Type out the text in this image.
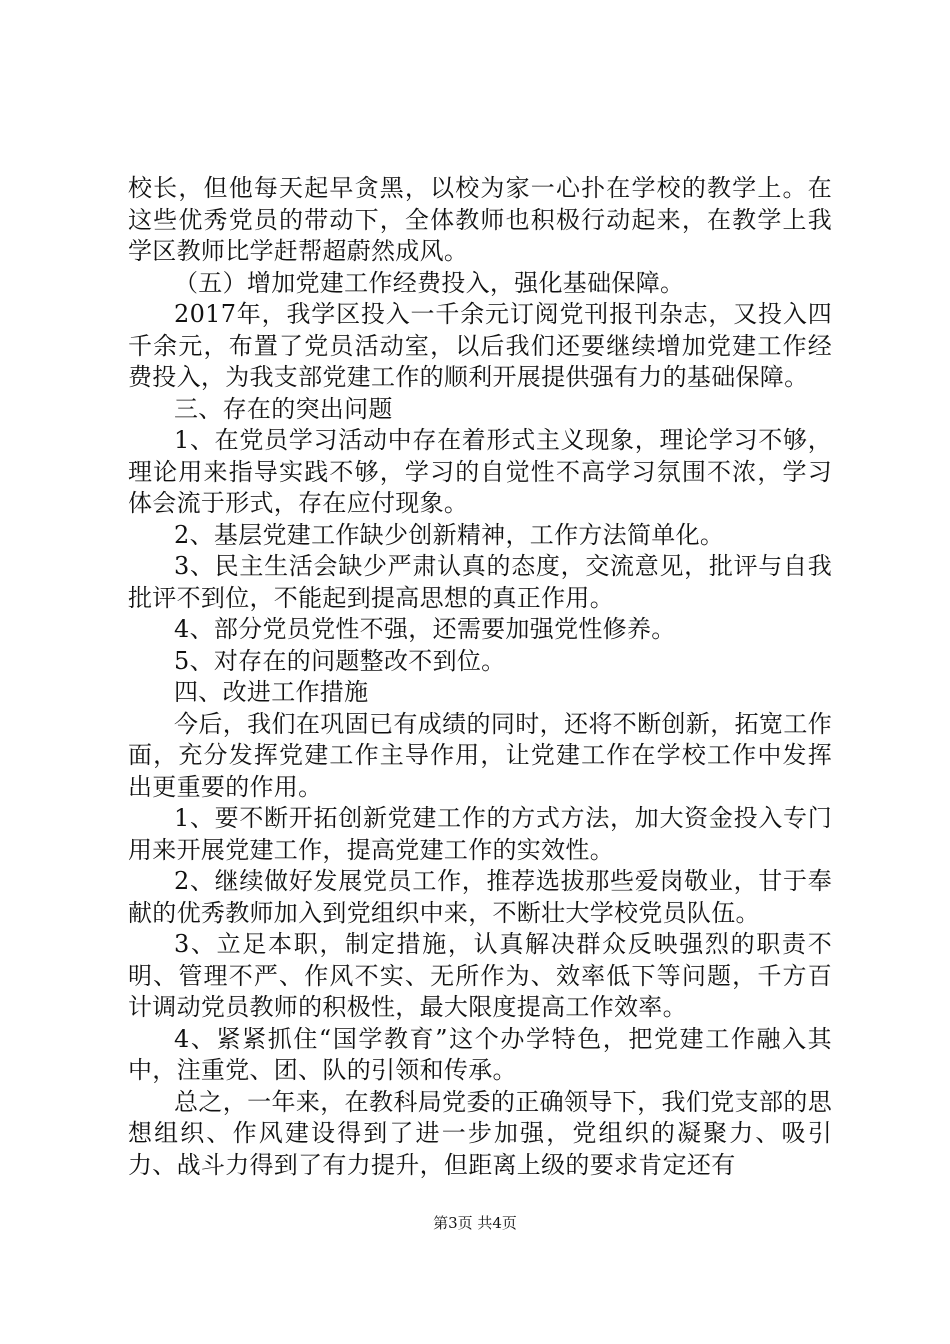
校长，但他每天起早贪黑，以校为家一心扑在学校的教学上。在这些优秀党员的带动下，全体教师也积极行动起来，在教学上我学区教师比学赶帮超蔚然成风。

（五）增加党建工作经费投入，强化基础保障。

2017年，我学区投入一千余元订阅党刊报刊杂志，又投入四千余元，布置了党员活动室，以后我们还要继续增加党建工作经费投入，为我支部党建工作的顺利开展提供强有力的基础保障。

三、存在的突出问题

1、在党员学习活动中存在着形式主义现象，理论学习不够，理论用来指导实践不够，学习的自觉性不高学习氛围不浓，学习体会流于形式，存在应付现象。

2、基层党建工作缺少创新精神，工作方法简单化。

3、民主生活会缺少严肃认真的态度，交流意见，批评与自我批评不到位，不能起到提高思想的真正作用。

4、部分党员党性不强，还需要加强党性修养。

5、对存在的问题整改不到位。

四、改进工作措施

今后，我们在巩固已有成绩的同时，还将不断创新，拓宽工作面，充分发挥党建工作主导作用，让党建工作在学校工作中发挥出更重要的作用。

1、要不断开拓创新党建工作的方式方法，加大资金投入专门用来开展党建工作，提高党建工作的实效性。

2、继续做好发展党员工作，推荐选拔那些爱岗敬业，甘于奉献的优秀教师加入到党组织中来，不断壮大学校党员队伍。

3、立足本职，制定措施，认真解决群众反映强烈的职责不明、管理不严、作风不实、无所作为、效率低下等问题，千方百计调动党员教师的积极性，最大限度提高工作效率。

4、紧紧抓住“国学教育”这个办学特色，把党建工作融入其中，注重党、团、队的引领和传承。

总之，一年来，在教科局党委的正确领导下，我们党支部的思想组织、作风建设得到了进一步加强，党组织的凝聚力、吸引力、战斗力得到了有力提升，但距离上级的要求肯定还有

第3页 共4页
